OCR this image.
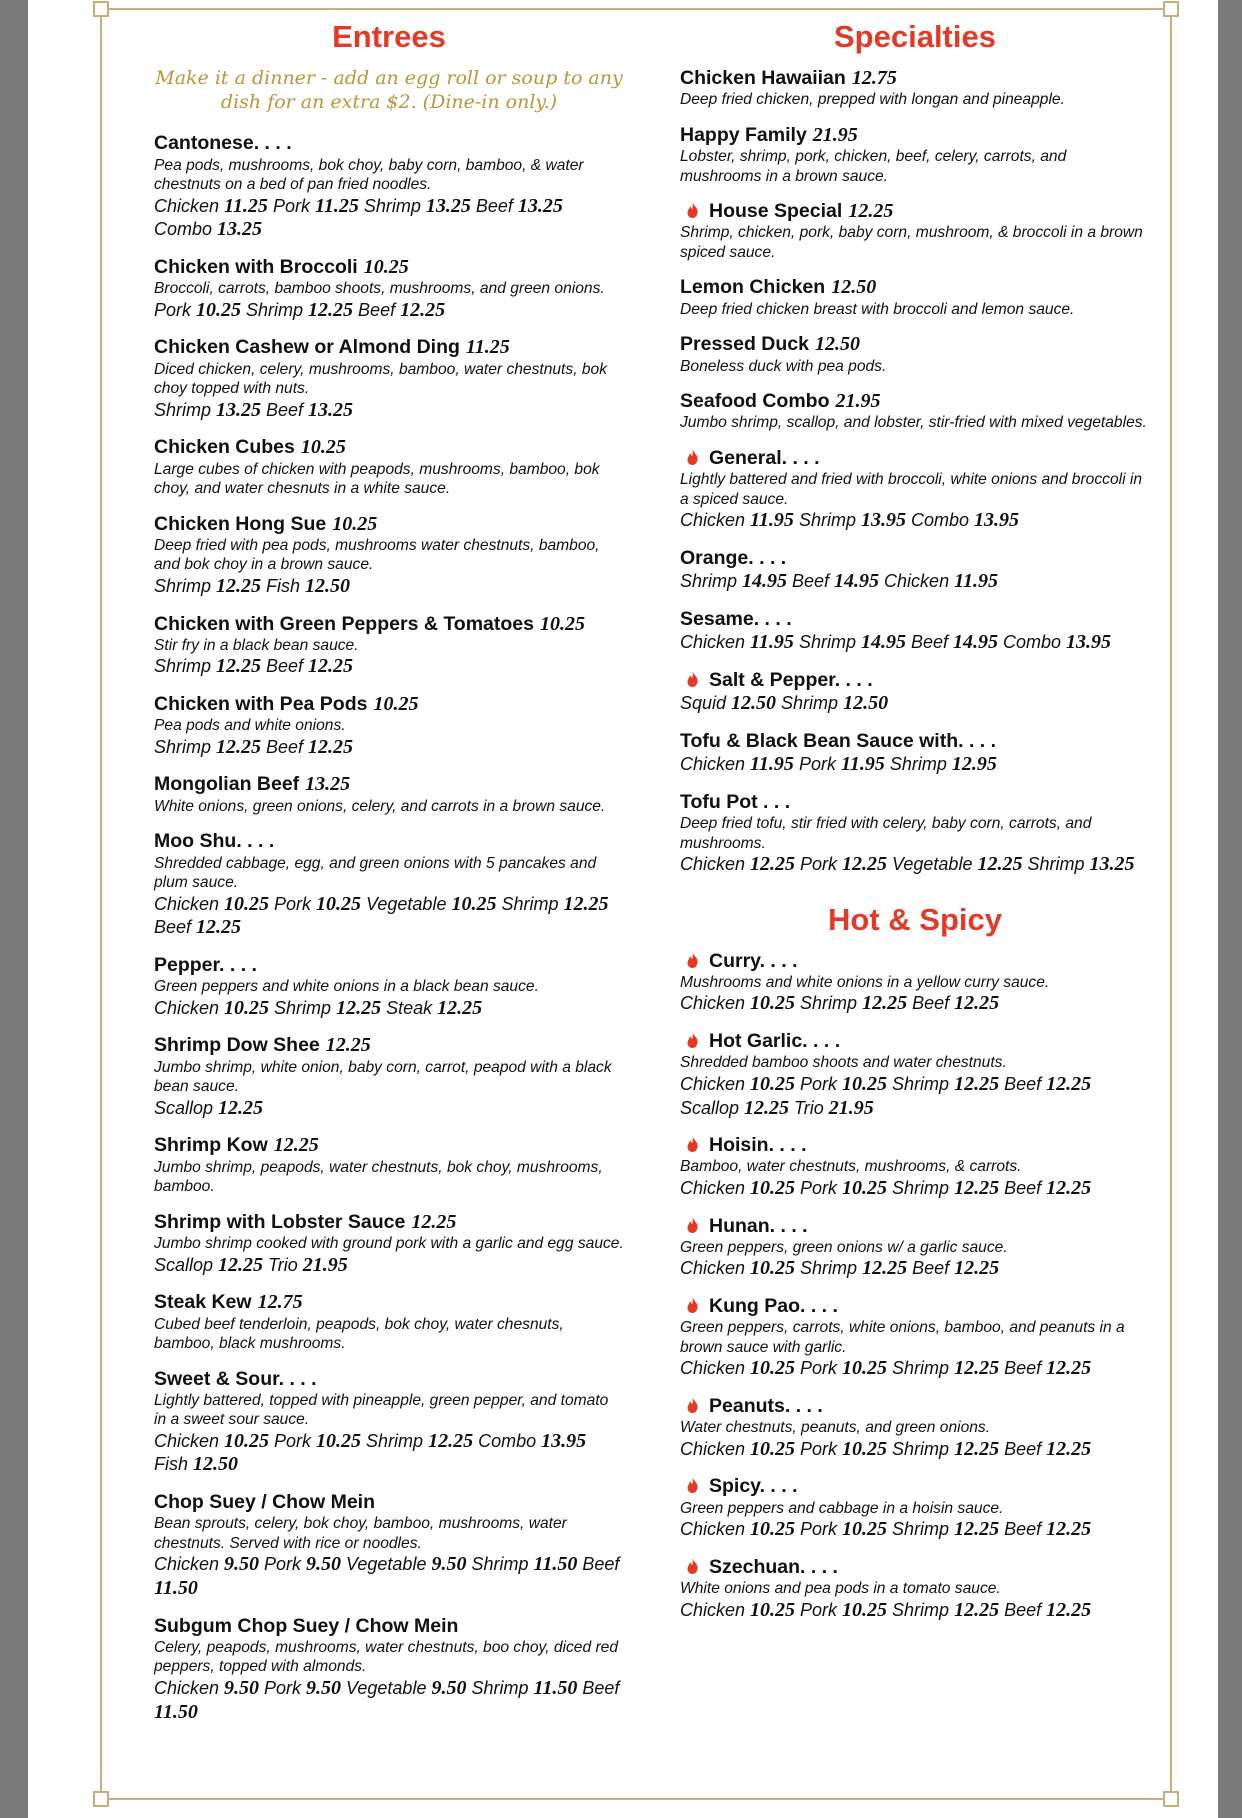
Entrees
Make it a dinner - add an egg roll or soup to any dish for an extra $2. (Dine-in only.)
Cantonese. . . .
Pea pods, mushrooms, bok choy, baby corn, bamboo, & water chestnuts on a bed of pan fried noodles.
Chicken 11.25 Pork 11.25 Shrimp 13.25 Beef 13.25 Combo 13.25
Chicken with Broccoli 10.25
Broccoli, carrots, bamboo shoots, mushrooms, and green onions.
Pork 10.25 Shrimp 12.25 Beef 12.25
Chicken Cashew or Almond Ding 11.25
Diced chicken, celery, mushrooms, bamboo, water chestnuts, bok choy topped with nuts.
Shrimp 13.25 Beef 13.25
Chicken Cubes 10.25
Large cubes of chicken with peapods, mushrooms, bamboo, bok choy, and water chesnuts in a white sauce.
Chicken Hong Sue 10.25
Deep fried with pea pods, mushrooms water chestnuts, bamboo, and bok choy in a brown sauce.
Shrimp 12.25 Fish 12.50
Chicken with Green Peppers & Tomatoes 10.25
Stir fry in a black bean sauce.
Shrimp 12.25 Beef 12.25
Chicken with Pea Pods 10.25
Pea pods and white onions.
Shrimp 12.25 Beef 12.25
Mongolian Beef 13.25
White onions, green onions, celery, and carrots in a brown sauce.
Moo Shu. . . .
Shredded cabbage, egg, and green onions with 5 pancakes and plum sauce.
Chicken 10.25 Pork 10.25 Vegetable 10.25 Shrimp 12.25 Beef 12.25
Pepper. . . .
Green peppers and white onions in a black bean sauce.
Chicken 10.25 Shrimp 12.25 Steak 12.25
Shrimp Dow Shee 12.25
Jumbo shrimp, white onion, baby corn, carrot, peapod with a black bean sauce.
Scallop 12.25
Shrimp Kow 12.25
Jumbo shrimp, peapods, water chestnuts, bok choy, mushrooms, bamboo.
Shrimp with Lobster Sauce 12.25
Jumbo shrimp cooked with ground pork with a garlic and egg sauce.
Scallop 12.25 Trio 21.95
Steak Kew 12.75
Cubed beef tenderloin, peapods, bok choy, water chesnuts, bamboo, black mushrooms.
Sweet & Sour. . . .
Lightly battered, topped with pineapple, green pepper, and tomato in a sweet sour sauce.
Chicken 10.25 Pork 10.25 Shrimp 12.25 Combo 13.95 Fish 12.50
Chop Suey / Chow Mein
Bean sprouts, celery, bok choy, bamboo, mushrooms, water chestnuts. Served with rice or noodles.
Chicken 9.50 Pork 9.50 Vegetable 9.50 Shrimp 11.50 Beef 11.50
Subgum Chop Suey / Chow Mein
Celery, peapods, mushrooms, water chestnuts, boo choy, diced red peppers, topped with almonds.
Chicken 9.50 Pork 9.50 Vegetable 9.50 Shrimp 11.50 Beef 11.50
Specialties
Chicken Hawaiian 12.75
Deep fried chicken, prepped with longan and pineapple.
Happy Family 21.95
Lobster, shrimp, pork, chicken, beef, celery, carrots, and mushrooms in a brown sauce.
House Special 12.25
Shrimp, chicken, pork, baby corn, mushroom, & broccoli in a brown spiced sauce.
Lemon Chicken 12.50
Deep fried chicken breast with broccoli and lemon sauce.
Pressed Duck 12.50
Boneless duck with pea pods.
Seafood Combo 21.95
Jumbo shrimp, scallop, and lobster, stir-fried with mixed vegetables.
General. . . .
Lightly battered and fried with broccoli, white onions and broccoli in a spiced sauce.
Chicken 11.95 Shrimp 13.95 Combo 13.95
Orange. . . .
Shrimp 14.95 Beef 14.95 Chicken 11.95
Sesame. . . .
Chicken 11.95 Shrimp 14.95 Beef 14.95 Combo 13.95
Salt & Pepper. . . .
Squid 12.50 Shrimp 12.50
Tofu & Black Bean Sauce with. . . .
Chicken 11.95 Pork 11.95 Shrimp 12.95
Tofu Pot . . .
Deep fried tofu, stir fried with celery, baby corn, carrots, and mushrooms.
Chicken 12.25 Pork 12.25 Vegetable 12.25 Shrimp 13.25
Hot & Spicy
Curry. . . .
Mushrooms and white onions in a yellow curry sauce.
Chicken 10.25 Shrimp 12.25 Beef 12.25
Hot Garlic. . . .
Shredded bamboo shoots and water chestnuts.
Chicken 10.25 Pork 10.25 Shrimp 12.25 Beef 12.25 Scallop 12.25 Trio 21.95
Hoisin. . . .
Bamboo, water chestnuts, mushrooms, & carrots.
Chicken 10.25 Pork 10.25 Shrimp 12.25 Beef 12.25
Hunan. . . .
Green peppers, green onions w/ a garlic sauce.
Chicken 10.25 Shrimp 12.25 Beef 12.25
Kung Pao. . . .
Green peppers, carrots, white onions, bamboo, and peanuts in a brown sauce with garlic.
Chicken 10.25 Pork 10.25 Shrimp 12.25 Beef 12.25
Peanuts. . . .
Water chestnuts, peanuts, and green onions.
Chicken 10.25 Pork 10.25 Shrimp 12.25 Beef 12.25
Spicy. . . .
Green peppers and cabbage in a hoisin sauce.
Chicken 10.25 Pork 10.25 Shrimp 12.25 Beef 12.25
Szechuan. . . .
White onions and pea pods in a tomato sauce.
Chicken 10.25 Pork 10.25 Shrimp 12.25 Beef 12.25
